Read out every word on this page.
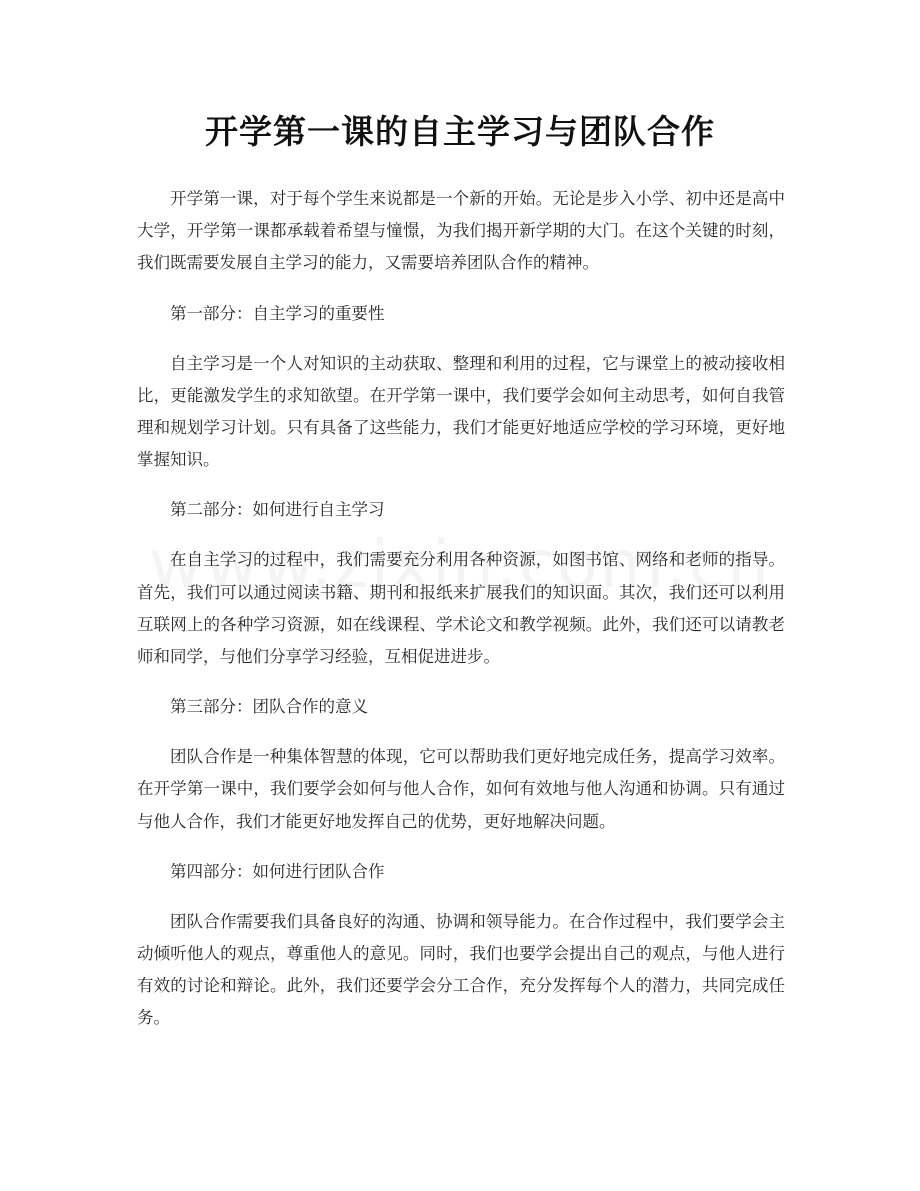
开学第一课的自主学习与团队合作

开学第一课，对于每个学生来说都是一个新的开始。无论是步入小学、初中还是高中大学，开学第一课都承载着希望与憧憬，为我们揭开新学期的大门。在这个关键的时刻，我们既需要发展自主学习的能力，又需要培养团队合作的精神。

第一部分：自主学习的重要性

自主学习是一个人对知识的主动获取、整理和利用的过程，它与课堂上的被动接收相比，更能激发学生的求知欲望。在开学第一课中，我们要学会如何主动思考，如何自我管理和规划学习计划。只有具备了这些能力，我们才能更好地适应学校的学习环境，更好地掌握知识。

第二部分：如何进行自主学习

在自主学习的过程中，我们需要充分利用各种资源，如图书馆、网络和老师的指导。首先，我们可以通过阅读书籍、期刊和报纸来扩展我们的知识面。其次，我们还可以利用互联网上的各种学习资源，如在线课程、学术论文和教学视频。此外，我们还可以请教老师和同学，与他们分享学习经验，互相促进进步。

第三部分：团队合作的意义

团队合作是一种集体智慧的体现，它可以帮助我们更好地完成任务，提高学习效率。在开学第一课中，我们要学会如何与他人合作，如何有效地与他人沟通和协调。只有通过与他人合作，我们才能更好地发挥自己的优势，更好地解决问题。

第四部分：如何进行团队合作

团队合作需要我们具备良好的沟通、协调和领导能力。在合作过程中，我们要学会主动倾听他人的观点，尊重他人的意见。同时，我们也要学会提出自己的观点，与他人进行有效的讨论和辩论。此外，我们还要学会分工合作，充分发挥每个人的潜力，共同完成任务。
